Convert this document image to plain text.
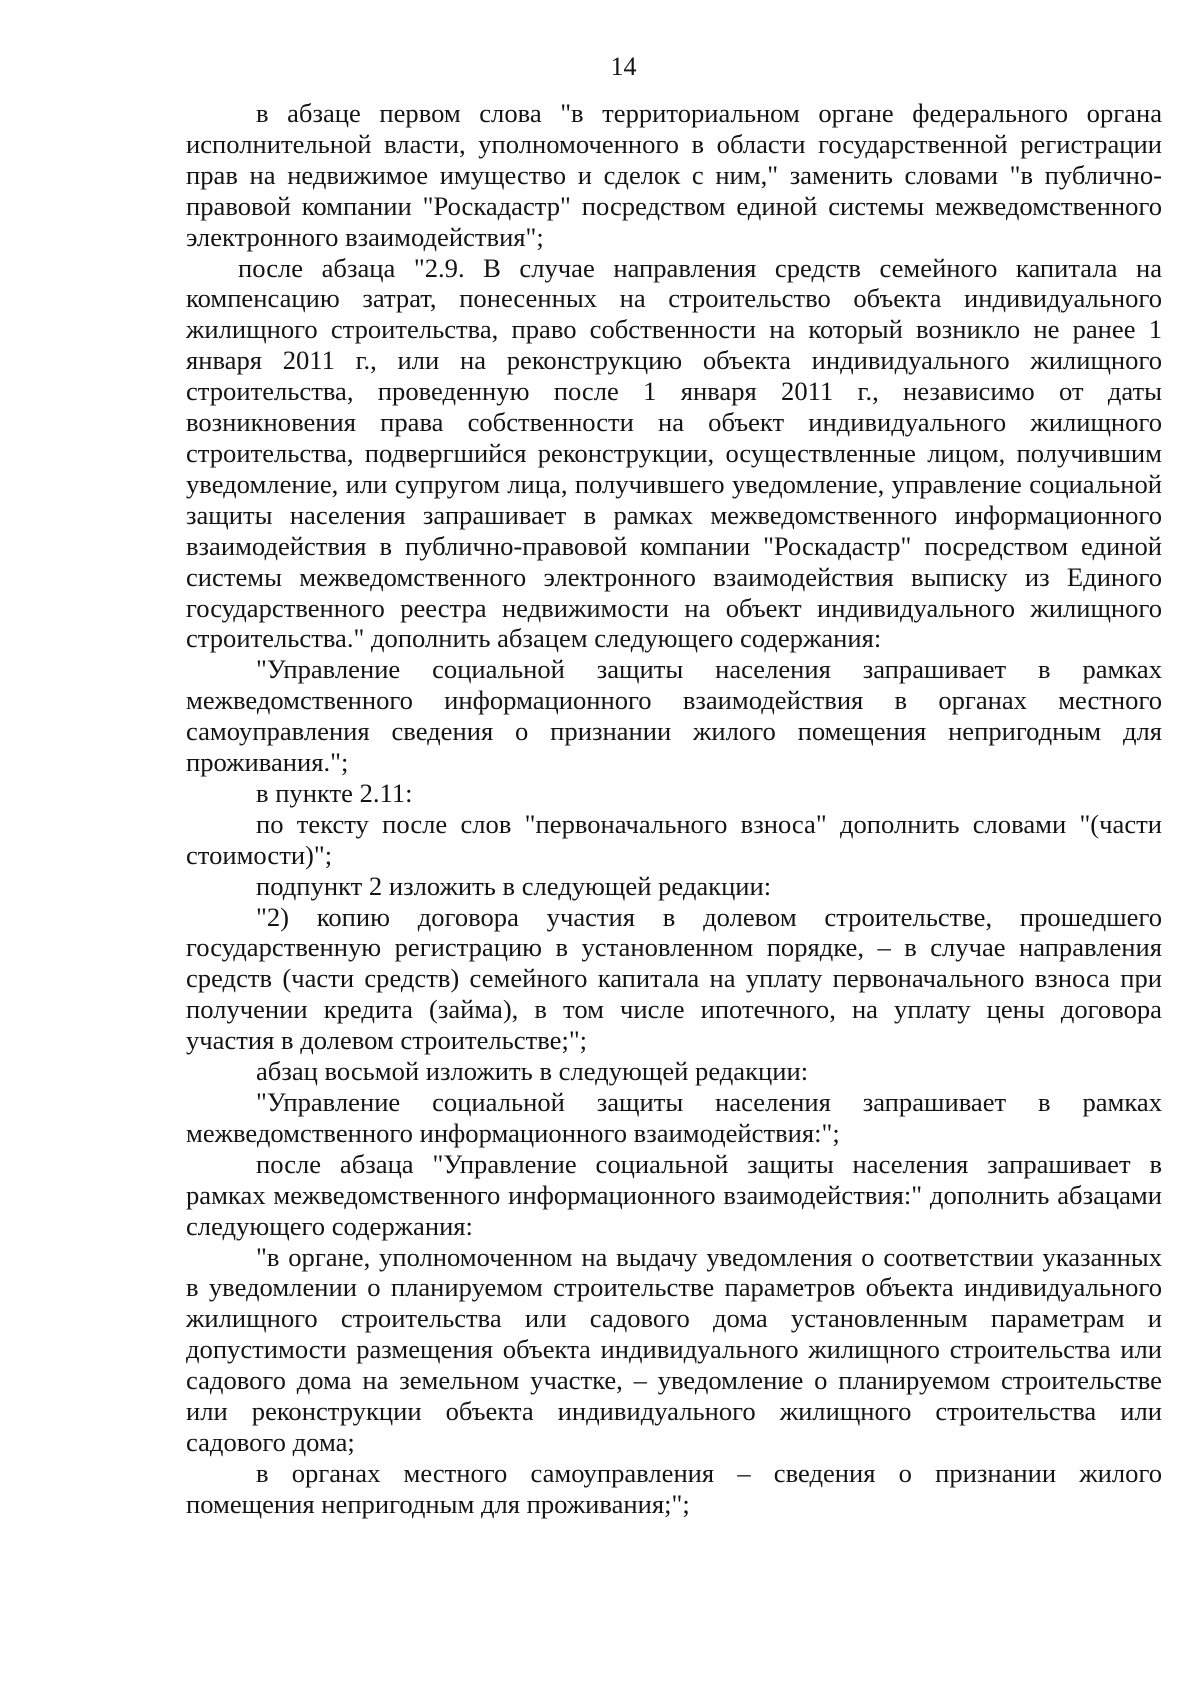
14

в абзаце первом слова "в территориальном органе федерального органа исполнительной власти, уполномоченного в области государственной регистрации прав на недвижимое имущество и сделок с ним," заменить словами "в публично-правовой компании "Роскадастр" посредством единой системы межведомственного электронного взаимодействия";

после абзаца "2.9. В случае направления средств семейного капитала на компенсацию затрат, понесенных на строительство объекта индивидуального жилищного строительства, право собственности на который возникло не ранее 1 января 2011 г., или на реконструкцию объекта индивидуального жилищного строительства, проведенную после 1 января 2011 г., независимо от даты возникновения права собственности на объект индивидуального жилищного строительства, подвергшийся реконструкции, осуществленные лицом, получившим уведомление, или супругом лица, получившего уведомление, управление социальной защиты населения запрашивает в рамках межведомственного информационного взаимодействия в публично-правовой компании "Роскадастр" посредством единой системы межведомственного электронного взаимодействия выписку из Единого государственного реестра недвижимости на объект индивидуального жилищного строительства." дополнить абзацем следующего содержания:

"Управление социальной защиты населения запрашивает в рамках межведомственного информационного взаимодействия в органах местного самоуправления сведения о признании жилого помещения непригодным для проживания.";

в пункте 2.11:

по тексту после слов "первоначального взноса" дополнить словами "(части стоимости)";

подпункт 2 изложить в следующей редакции:

"2) копию договора участия в долевом строительстве, прошедшего государственную регистрацию в установленном порядке, – в случае направления средств (части средств) семейного капитала на уплату первоначального взноса при получении кредита (займа), в том числе ипотечного, на уплату цены договора участия в долевом строительстве;";

абзац восьмой изложить в следующей редакции:

"Управление социальной защиты населения запрашивает в рамках межведомственного информационного взаимодействия:";

после абзаца "Управление социальной защиты населения запрашивает в рамках межведомственного информационного взаимодействия:" дополнить абзацами следующего содержания:

"в органе, уполномоченном на выдачу уведомления о соответствии указанных в уведомлении о планируемом строительстве параметров объекта индивидуального жилищного строительства или садового дома установленным параметрам и допустимости размещения объекта индивидуального жилищного строительства или садового дома на земельном участке, – уведомление о планируемом строительстве или реконструкции объекта индивидуального жилищного строительства или садового дома;

в органах местного самоуправления – сведения о признании жилого помещения непригодным для проживания;";
